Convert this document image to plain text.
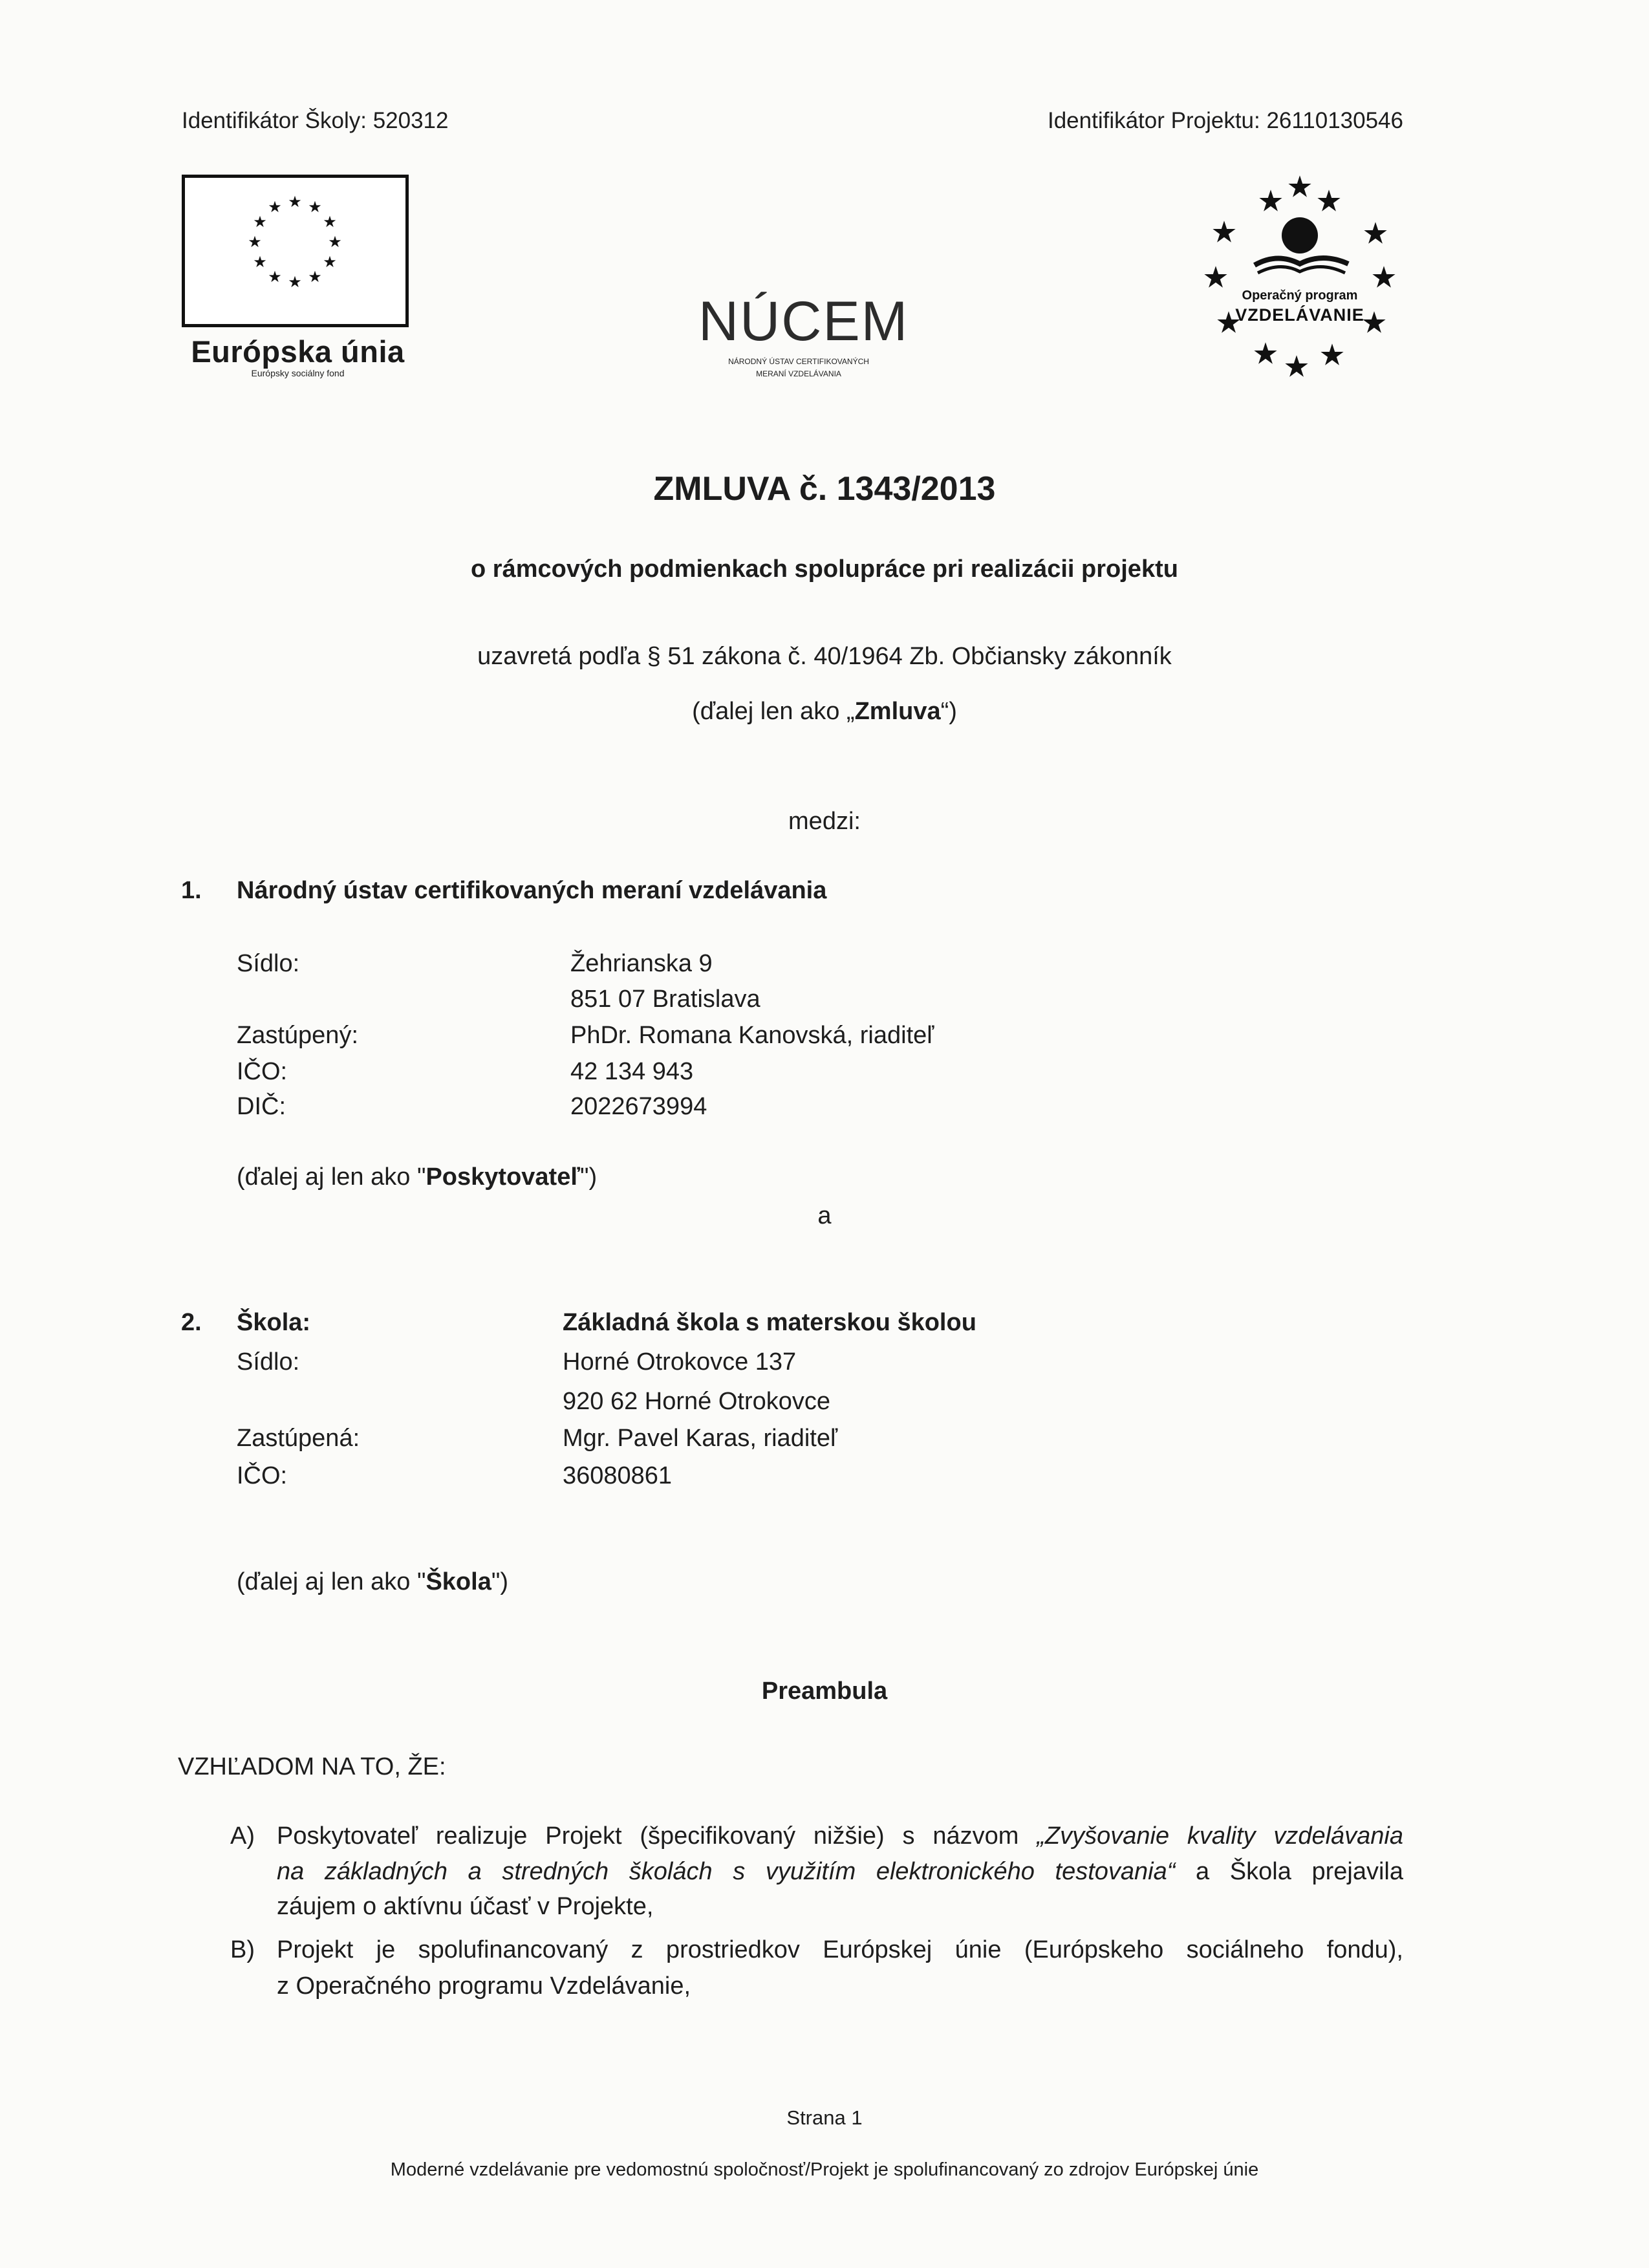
Identifikátor Školy: 520312	Identifikátor Projektu: 26110130546
★ ★
★
★
★
★
★
★
★
★
★
★
Európska únia
Európsky sociálny fond
NÚCEM
NÁRODNÝ ÚSTAV CERTIFIKOVANÝCH
MERANÍ VZDELÁVANIA
★ ★ ★
★	★
★	★
★	★
★ ★ ★
Operačný program
VZDELÁVANIE
ZMLUVA č. 1343/2013
o rámcových podmienkach spolupráce pri realizácii projektu
uzavretá podľa § 51 zákona č. 40/1964 Zb. Občiansky zákonník
(ďalej len ako „Zmluva“)
medzi:
1. Národný ústav certifikovaných meraní vzdelávania
Sídlo:	Žehrianska 9
851 07 Bratislava
Zastúpený:	PhDr. Romana Kanovská, riaditeľ
IČO:	42 134 943
DIČ:	2022673994
(ďalej aj len ako "Poskytovateľ")
a
2. Škola:	Základná škola s materskou školou
Sídlo:	Horné Otrokovce 137
920 62 Horné Otrokovce
Zastúpená:	Mgr. Pavel Karas, riaditeľ
IČO:	36080861
(ďalej aj len ako "Škola")
Preambula
VZHĽADOM NA TO, ŽE:
A) Poskytovateľ realizuje Projekt (špecifikovaný nižšie) s názvom „Zvyšovanie kvality vzdelávania
na základných a stredných školách s využitím elektronického testovania“ a Škola prejavila
záujem o aktívnu účasť v Projekte,
B) Projekt je spolufinancovaný z prostriedkov Európskej únie (Európskeho sociálneho fondu),
z Operačného programu Vzdelávanie,
Strana 1
Moderné vzdelávanie pre vedomostnú spoločnosť/Projekt je spolufinancovaný zo zdrojov Európskej únie
